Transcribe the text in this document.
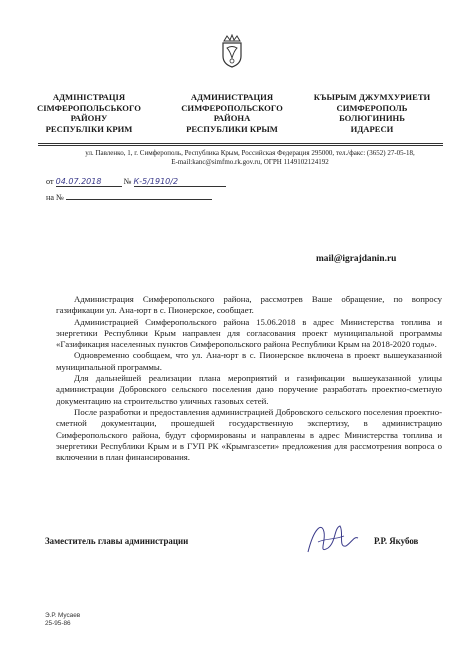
АДМІНІСТРАЦІЯ
СІМФЕРОПОЛЬСЬКОГО
РАЙОНУ
РЕСПУБЛІКИ КРИМ
АДМИНИСТРАЦИЯ
СИМФЕРОПОЛЬСКОГО
РАЙОНА
РЕСПУБЛИКИ КРЫМ
КЪЫРЫМ ДЖУМХУРИЕТИ
СИМФЕРОПОЛЬ
БОЛЮГИНИНЬ
ИДАРЕСИ
ул. Павленко, 1, г. Симферополь, Республика Крым, Российская Федерация 295000, тел./факс: (3652) 27-05-18,
E-mail:kanc@simfmo.rk.gov.ru, ОГРН 1149102124192
от 04.07.2018	№ К-5/1910/2
на №
mail@igrajdanin.ru

Администрация Симферопольского района, рассмотрев Ваше обращение, по вопросу газификации ул. Ана-юрт в с. Пионерское, сообщает.

Администрацией Симферопольского района 15.06.2018 в адрес Министерства топлива и энергетики Республики Крым направлен для согласования проект муниципальной программы «Газификация населенных пунктов Симферопольского района Республики Крым на 2018-2020 годы».

Одновременно сообщаем, что ул. Ана-юрт в с. Пионерское включена в проект вышеуказанной муниципальной программы.

Для дальнейшей реализации плана мероприятий и газификации вышеуказанной улицы администрации Добровского сельского поселения дано поручение разработать проектно-сметную документацию на строительство уличных газовых сетей.

После разработки и предоставления администрацией Добровского сельского поселения проектно-сметной документации, прошедшей государственную экспертизу, в администрацию Симферопольского района, будут сформированы и направлены в адрес Министерства топлива и энергетики Республики Крым и в ГУП РК «Крымгазсети» предложения для рассмотрения вопроса о включении в план финансирования.

Заместитель главы администрации	Р.Р. Якубов
Э.Р. Мусаев
25-95-86
